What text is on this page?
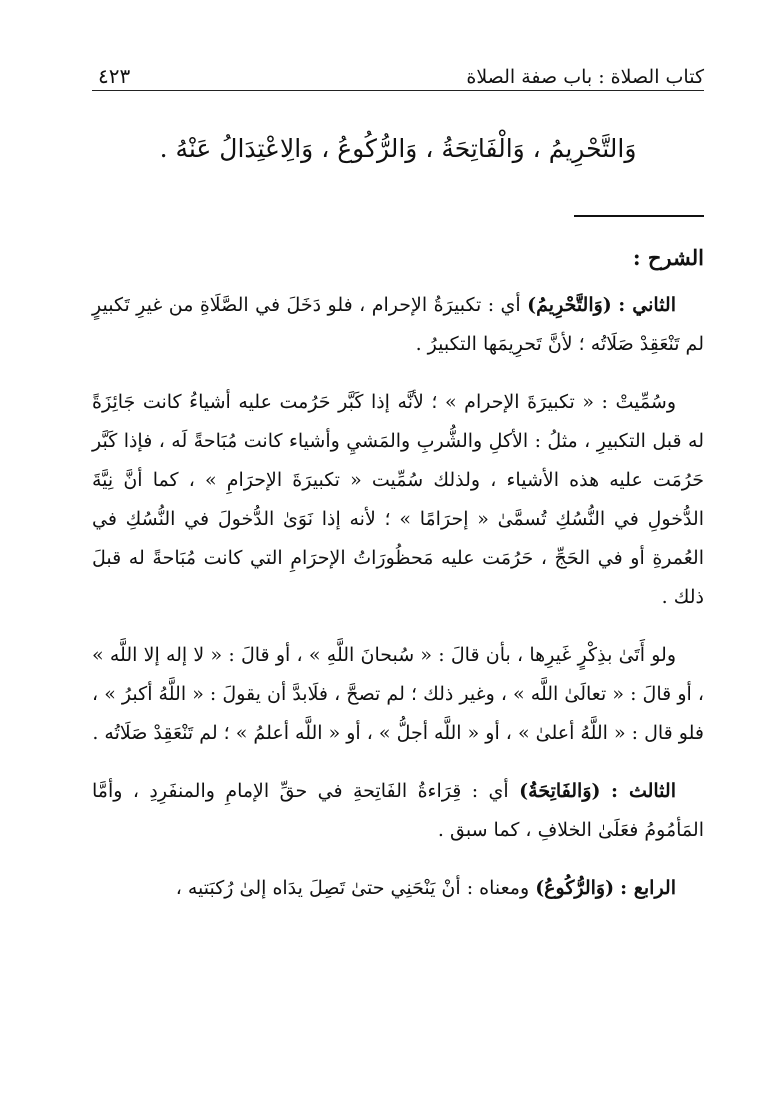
كتاب الصلاة : باب صفة الصلاة
٤٢٣
وَالتَّحْرِيمُ ، وَالْفَاتِحَةُ ، وَالرُّكُوعُ ، وَالِاعْتِدَالُ عَنْهُ .
الشرح :

الثاني : (وَالتَّحْرِيمُ) أي : تكبيرَةُ الإحرام ، فلو دَخَلَ في الصَّلَاةِ من غيرِ تَكبيرٍ لم تَنْعَقِدْ صَلَاتُه ؛ لأنَّ تَحرِيمَها التكبيرُ .

وسُمِّيتْ : « تكبيرَةَ الإحرام » ؛ لأنَّه إذا كَبَّر حَرُمت عليه أشياءُ كانت جَائِزَةً له قبل التكبيرِ ، مثلُ : الأكلِ والشُّربِ والمَشيِ وأشياء كانت مُبَاحةً لَه ، فإذا كَبَّر حَرُمَت عليه هذه الأشياء ، ولذلك سُمِّيت « تكبيرَةَ الإحرَامِ » ، كما أنَّ نِيَّةَ الدُّخولِ في النُّسُكِ تُسمَّىٰ « إحرَامًا » ؛ لأنه إذا نَوَىٰ الدُّخولَ في النُّسُكِ في العُمرةِ أو في الحَجِّ ، حَرُمَت عليه مَحظُورَاتُ الإحرَامِ التي كانت مُبَاحةً له قبلَ ذلك .

ولو أَتَىٰ بذِكْرٍ غَيرِها ، بأن قالَ : « سُبحانَ اللَّهِ » ، أو قالَ : « لا إله إلا اللَّه » ، أو قالَ : « تعالَىٰ اللَّه » ، وغير ذلك ؛ لم تصحَّ ، فلَابدَّ أن يقولَ : « اللَّهُ أكبرُ » ، فلو قال : « اللَّهُ أعلىٰ » ، أو « اللَّه أجلُّ » ، أو « اللَّه أعلمُ » ؛ لم تَنْعَقِدْ صَلَاتُه .

الثالث : (وَالفَاتِحَةُ) أي : قِرَاءةُ الفَاتِحةِ في حقِّ الإمامِ والمنفَرِدِ ، وأمَّا المَأمُومُ فعَلَىٰ الخلافِ ، كما سبق .

الرابع : (وَالرُّكُوعُ) ومعناه : أنْ يَنْحَنِي حتىٰ تَصِلَ يدَاه إلىٰ رُكبَتيه ،
